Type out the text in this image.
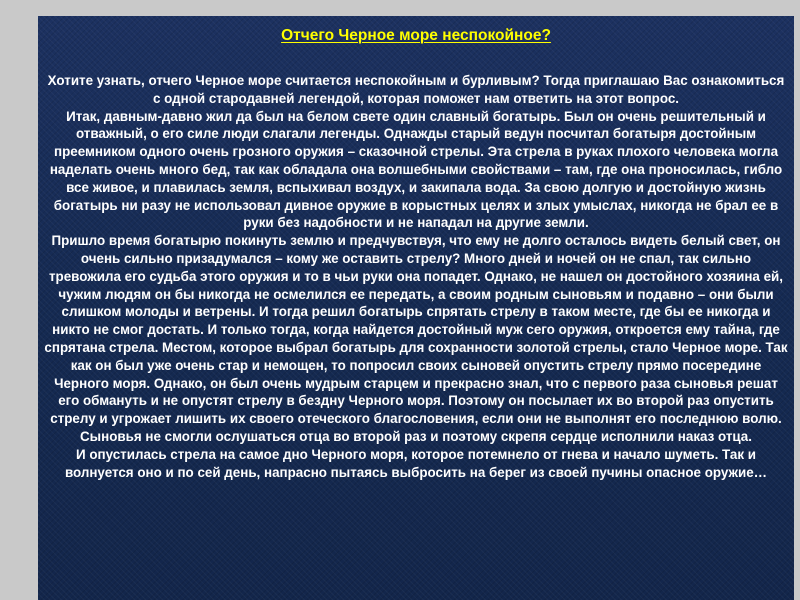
Отчего Черное море неспокойное?

Хотите узнать, отчего Черное море считается неспокойным и бурливым? Тогда приглашаю Вас ознакомиться с одной стародавней легендой, которая поможет нам ответить на этот вопрос.
Итак, давным-давно жил да был на белом свете один славный богатырь. Был он очень решительный и отважный, о его силе люди слагали легенды. Однажды старый ведун посчитал богатыря достойным преемником одного очень грозного оружия – сказочной стрелы. Эта стрела в руках плохого человека могла наделать очень много бед, так как обладала она волшебными свойствами – там, где она проносилась, гибло все живое, и плавилась земля, вспыхивал воздух, и закипала вода. За свою долгую и достойную жизнь богатырь ни разу не использовал дивное оружие в корыстных целях и злых умыслах, никогда не брал ее в руки без надобности и не нападал на другие земли.
Пришло время богатырю покинуть землю и предчувствуя, что ему не долго осталось видеть белый свет, он очень сильно призадумался – кому же оставить стрелу? Много дней и ночей он не спал, так сильно тревожила его судьба этого оружия и то в чьи руки она попадет. Однако, не нашел он достойного хозяина ей, чужим людям он бы никогда не осмелился ее передать, а своим родным сыновьям и подавно – они были слишком молоды и ветрены. И тогда решил богатырь спрятать стрелу в таком месте, где бы ее никогда и никто не смог достать. И только тогда, когда найдется достойный муж сего оружия, откроется ему тайна, где спрятана стрела. Местом, которое выбрал богатырь для сохранности золотой стрелы, стало Черное море. Так как он был уже очень стар и немощен, то попросил своих сыновей опустить стрелу прямо посередине Черного моря. Однако, он был очень мудрым старцем и прекрасно знал, что с первого раза сыновья решат его обмануть и не опустят стрелу в бездну Черного моря. Поэтому он посылает их во второй раз опустить стрелу и угрожает лишить их своего отеческого благословения, если они не выполнят его последнюю волю. Сыновья не смогли ослушаться отца во второй раз и поэтому скрепя сердце исполнили наказ отца.
И опустилась стрела на самое дно Черного моря, которое потемнело от гнева и начало шуметь. Так и волнуется оно и по сей день, напрасно пытаясь выбросить на берег из своей пучины опасное оружие…
